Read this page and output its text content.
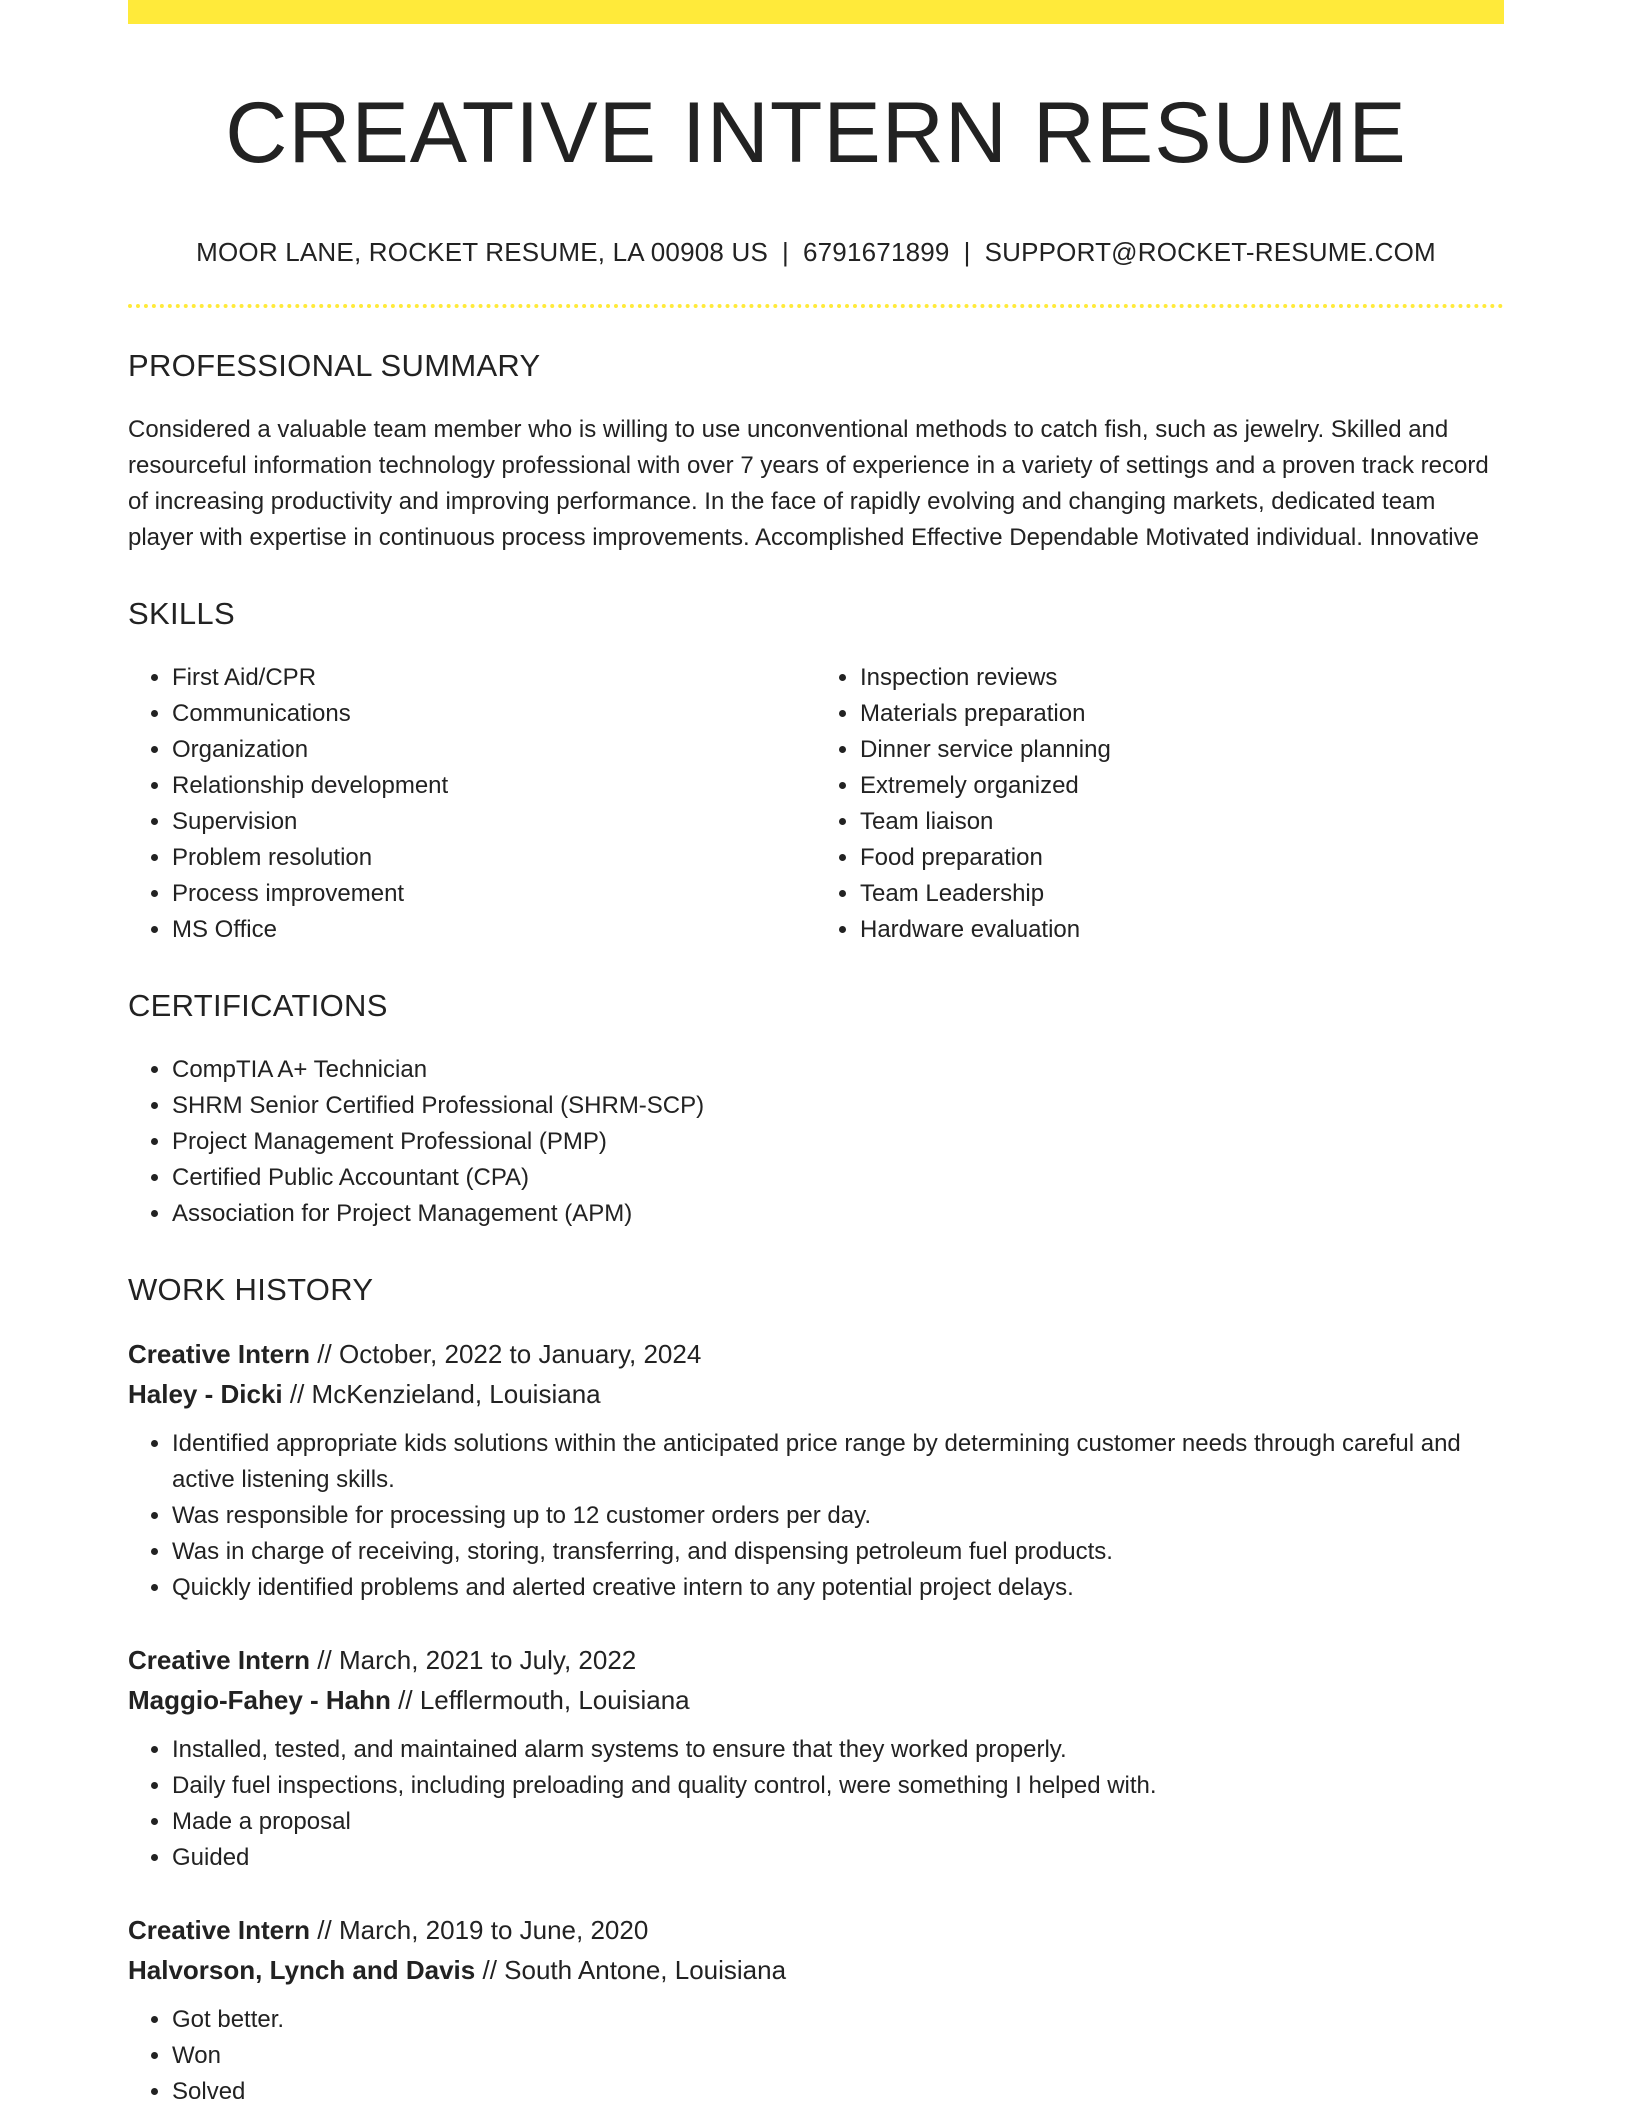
CREATIVE INTERN RESUME
MOOR LANE, ROCKET RESUME, LA 00908 US | 6791671899 | SUPPORT@ROCKET-RESUME.COM
PROFESSIONAL SUMMARY

Considered a valuable team member who is willing to use unconventional methods to catch fish, such as jewelry. Skilled and resourceful information technology professional with over 7 years of experience in a variety of settings and a proven track record of increasing productivity and improving performance. In the face of rapidly evolving and changing markets, dedicated team player with expertise in continuous process improvements. Accomplished Effective Dependable Motivated individual. Innovative

SKILLS
• First Aid/CPR
• Communications
• Organization
• Relationship development
• Supervision
• Problem resolution
• Process improvement
• MS Office
• Inspection reviews
• Materials preparation
• Dinner service planning
• Extremely organized
• Team liaison
• Food preparation
• Team Leadership
• Hardware evaluation
CERTIFICATIONS
• CompTIA A+ Technician
• SHRM Senior Certified Professional (SHRM-SCP)
• Project Management Professional (PMP)
• Certified Public Accountant (CPA)
• Association for Project Management (APM)
WORK HISTORY
Creative Intern // October, 2022 to January, 2024
Haley - Dicki // McKenzieland, Louisiana
• Identified appropriate kids solutions within the anticipated price range by determining customer needs through careful and active listening skills.
• Was responsible for processing up to 12 customer orders per day.
• Was in charge of receiving, storing, transferring, and dispensing petroleum fuel products.
• Quickly identified problems and alerted creative intern to any potential project delays.
Creative Intern // March, 2021 to July, 2022
Maggio-Fahey - Hahn // Lefflermouth, Louisiana
• Installed, tested, and maintained alarm systems to ensure that they worked properly.
• Daily fuel inspections, including preloading and quality control, were something I helped with.
• Made a proposal
• Guided
Creative Intern // March, 2019 to June, 2020
Halvorson, Lynch and Davis // South Antone, Louisiana
• Got better.
• Won
• Solved
